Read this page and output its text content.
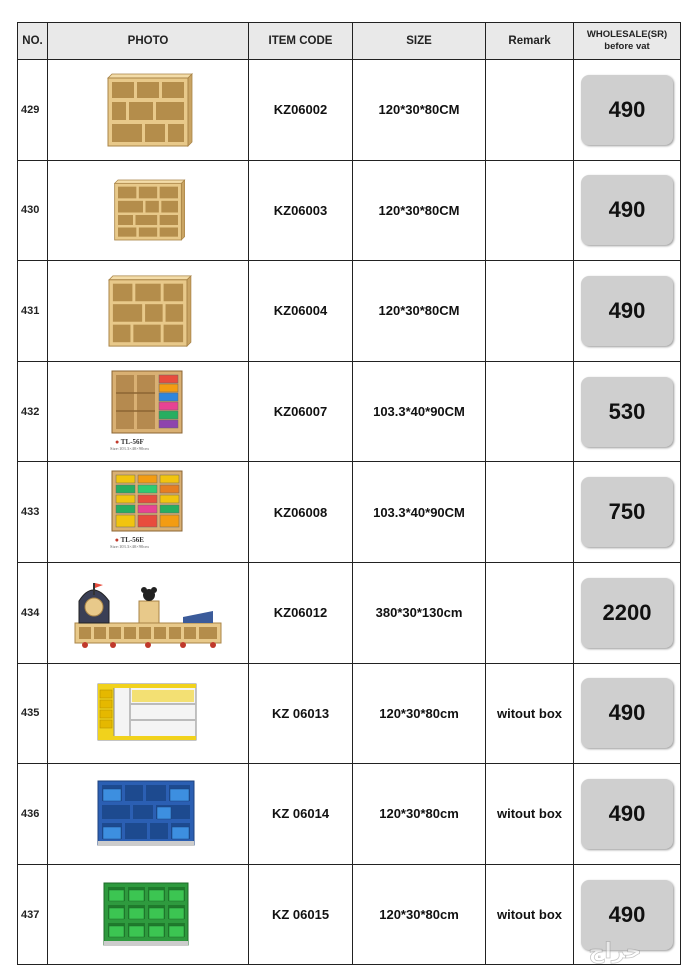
NO.	PHOTO	ITEM CODE	SIZE	Remark	WHOLESALE(SR)
before vat

429		KZ06002	120*30*80CM		490

430		KZ06003	120*30*80CM		490

431		KZ06004	120*30*80CM		490

432	● TL-56F
Size:103.3×40×90cm	KZ06007	103.3*40*90CM		530

433	● TL-56E
Size:103.3×40×90cm	KZ06008	103.3*40*90CM		750

434		KZ06012	380*30*130cm		2200

435		KZ 06013	120*30*80cm	witout box	490

436		KZ 06014	120*30*80cm	witout box	490

437		KZ 06015	120*30*80cm	witout box	490
حراج
